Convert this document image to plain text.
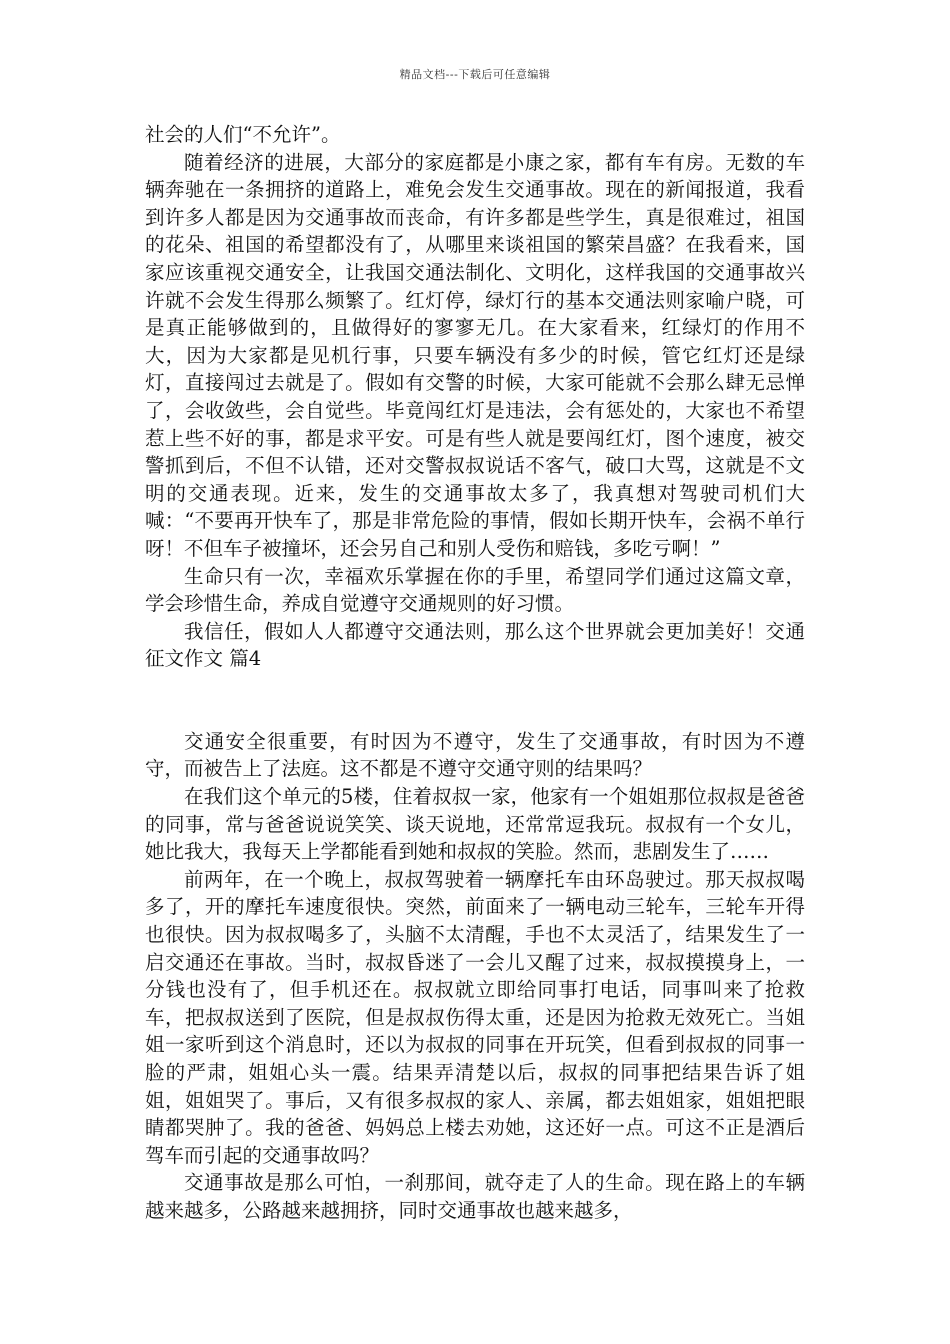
精品文档---下载后可任意编辑

社会的人们“不允许”。

随着经济的进展，大部分的家庭都是小康之家，都有车有房。无数的车辆奔驰在一条拥挤的道路上，难免会发生交通事故。现在的新闻报道，我看到许多人都是因为交通事故而丧命，有许多都是些学生，真是很难过，祖国的花朵、祖国的希望都没有了，从哪里来谈祖国的繁荣昌盛？在我看来，国家应该重视交通安全，让我国交通法制化、文明化，这样我国的交通事故兴许就不会发生得那么频繁了。红灯停，绿灯行的基本交通法则家喻户晓，可是真正能够做到的，且做得好的寥寥无几。在大家看来，红绿灯的作用不大，因为大家都是见机行事，只要车辆没有多少的时候，管它红灯还是绿灯，直接闯过去就是了。假如有交警的时候，大家可能就不会那么肆无忌惮了，会收敛些，会自觉些。毕竟闯红灯是违法，会有惩处的，大家也不希望惹上些不好的事，都是求平安。可是有些人就是要闯红灯，图个速度，被交警抓到后，不但不认错，还对交警叔叔说话不客气，破口大骂，这就是不文明的交通表现。近来，发生的交通事故太多了，我真想对驾驶司机们大喊：“不要再开快车了，那是非常危险的事情，假如长期开快车，会祸不单行呀！不但车子被撞坏，还会另自己和别人受伤和赔钱，多吃亏啊！”

生命只有一次，幸福欢乐掌握在你的手里，希望同学们通过这篇文章，学会珍惜生命，养成自觉遵守交通规则的好习惯。

我信任，假如人人都遵守交通法则，那么这个世界就会更加美好！交通征文作文 篇4

交通安全很重要，有时因为不遵守，发生了交通事故，有时因为不遵守，而被告上了法庭。这不都是不遵守交通守则的结果吗？

在我们这个单元的5楼，住着叔叔一家，他家有一个姐姐那位叔叔是爸爸的同事，常与爸爸说说笑笑、谈天说地，还常常逗我玩。叔叔有一个女儿，她比我大，我每天上学都能看到她和叔叔的笑脸。然而，悲剧发生了……

前两年，在一个晚上，叔叔驾驶着一辆摩托车由环岛驶过。那天叔叔喝多了，开的摩托车速度很快。突然，前面来了一辆电动三轮车，三轮车开得也很快。因为叔叔喝多了，头脑不太清醒，手也不太灵活了，结果发生了一启交通还在事故。当时，叔叔昏迷了一会儿又醒了过来，叔叔摸摸身上，一分钱也没有了，但手机还在。叔叔就立即给同事打电话，同事叫来了抢救车，把叔叔送到了医院，但是叔叔伤得太重，还是因为抢救无效死亡。当姐姐一家听到这个消息时，还以为叔叔的同事在开玩笑，但看到叔叔的同事一脸的严肃，姐姐心头一震。结果弄清楚以后，叔叔的同事把结果告诉了姐姐，姐姐哭了。事后，又有很多叔叔的家人、亲属，都去姐姐家，姐姐把眼睛都哭肿了。我的爸爸、妈妈总上楼去劝她，这还好一点。可这不正是酒后驾车而引起的交通事故吗？

交通事故是那么可怕，一刹那间，就夺走了人的生命。现在路上的车辆越来越多，公路越来越拥挤，同时交通事故也越来越多，
